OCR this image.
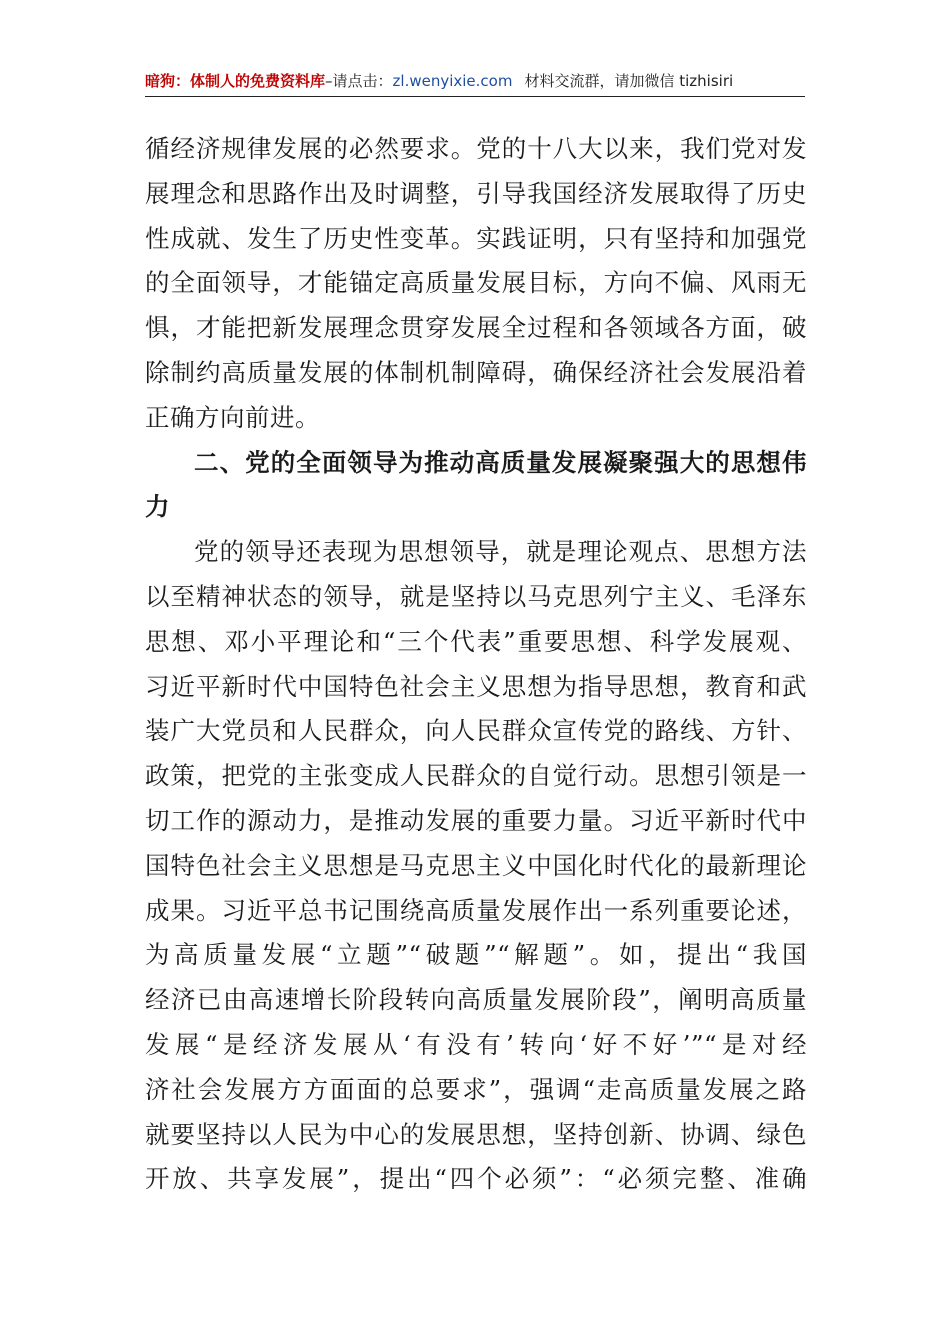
暗狗：体制人的免费资料库–请点击：zl.wenyixie.com 材料交流群，请加微信 tizhisiri
循经济规律发展的必然要求。党的十八大以来，我们党对发
展理念和思路作出及时调整，引导我国经济发展取得了历史
性成就、发生了历史性变革。实践证明，只有坚持和加强党
的全面领导，才能锚定高质量发展目标，方向不偏、风雨无
惧，才能把新发展理念贯穿发展全过程和各领域各方面，破
除制约高质量发展的体制机制障碍，确保经济社会发展沿着
正确方向前进。
二、党的全面领导为推动高质量发展凝聚强大的思想伟
力
党的领导还表现为思想领导，就是理论观点、思想方法
以至精神状态的领导，就是坚持以马克思列宁主义、毛泽东
思想、邓小平理论和“三个代表”重要思想、科学发展观、
习近平新时代中国特色社会主义思想为指导思想，教育和武
装广大党员和人民群众，向人民群众宣传党的路线、方针、
政策，把党的主张变成人民群众的自觉行动。思想引领是一
切工作的源动力，是推动发展的重要力量。习近平新时代中
国特色社会主义思想是马克思主义中国化时代化的最新理论
成果。习近平总书记围绕高质量发展作出一系列重要论述，
为高质量发展“立题”“破题”“解题”。如，提出“我国
经济已由高速增长阶段转向高质量发展阶段”，阐明高质量
发展“是经济发展从‘有没有’转向‘好不好’”“是对经
济社会发展方方面面的总要求”，强调“走高质量发展之路
就要坚持以人民为中心的发展思想，坚持创新、协调、绿色
开放、共享发展”，提出“四个必须”：“必须完整、准确
